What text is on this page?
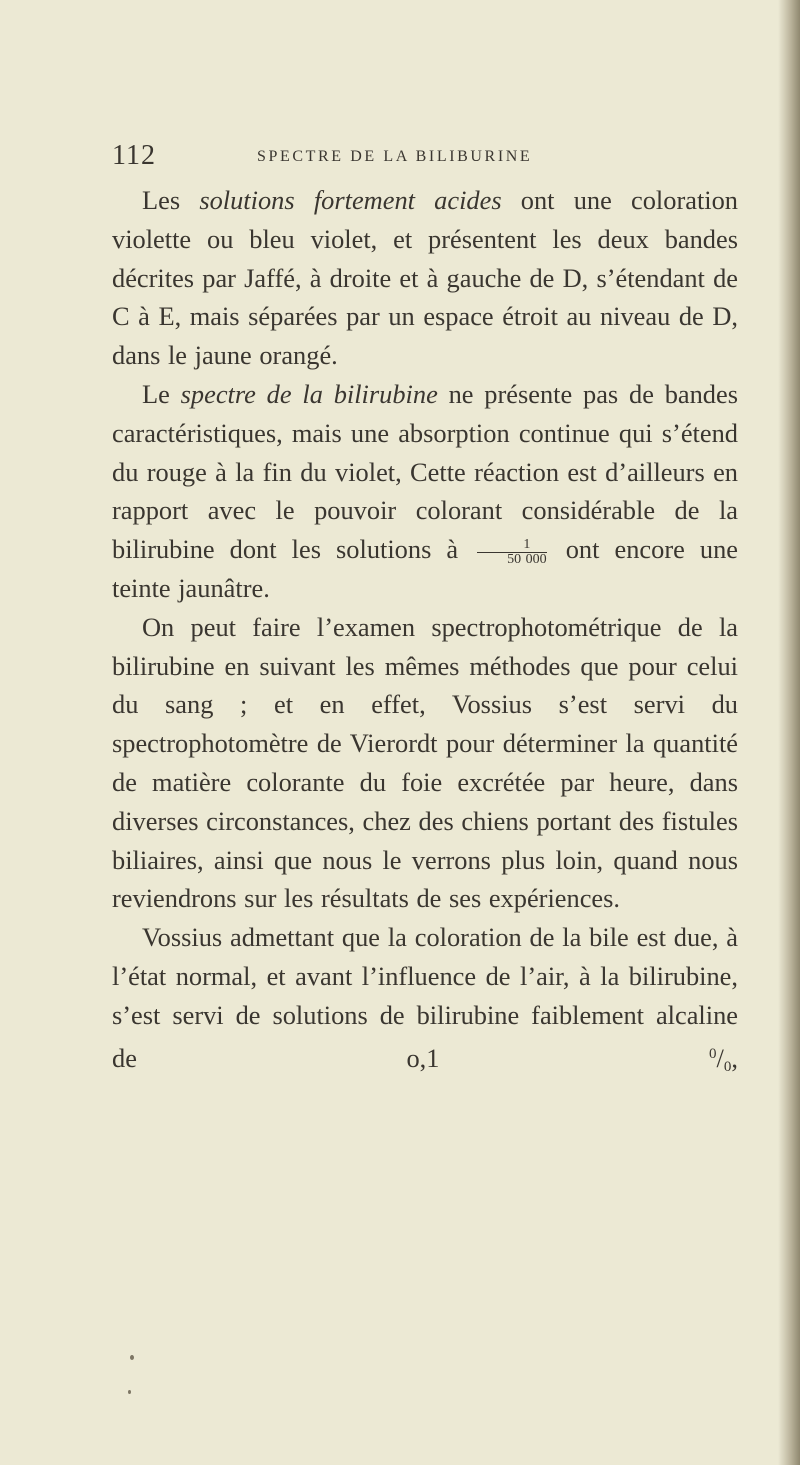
112	SPECTRE DE LA BILIBURINE

Les solutions fortement acides ont une coloration violette ou bleu violet, et présentent les deux bandes décrites par Jaffé, à droite et à gauche de D, s’étendant de C à E, mais séparées par un espace étroit au niveau de D, dans le jaune orangé.

Le spectre de la bilirubine ne présente pas de bandes caractéristiques, mais une absorption continue qui s’étend du rouge à la fin du violet, Cette réaction est d’ailleurs en rapport avec le pouvoir colorant considérable de la bilirubine dont les solutions à $\frac{1}{50 000}$ ont encore une teinte jaunâtre.

On peut faire l’examen spectrophotométrique de la bilirubine en suivant les mêmes méthodes que pour celui du sang ; et en effet, Vossius s’est servi du spectrophotomètre de Vierordt pour déterminer la quantité de matière colorante du foie excrétée par heure, dans diverses circonstances, chez des chiens portant des fistules biliaires, ainsi que nous le verrons plus loin, quand nous reviendrons sur les résultats de ses expériences.

Vossius admettant que la coloration de la bile est due, à l’état normal, et avant l’influence de l’air, à la bilirubine, s’est servi de solutions de bilirubine faiblement alcaline de o,1 $^0/_0$,
